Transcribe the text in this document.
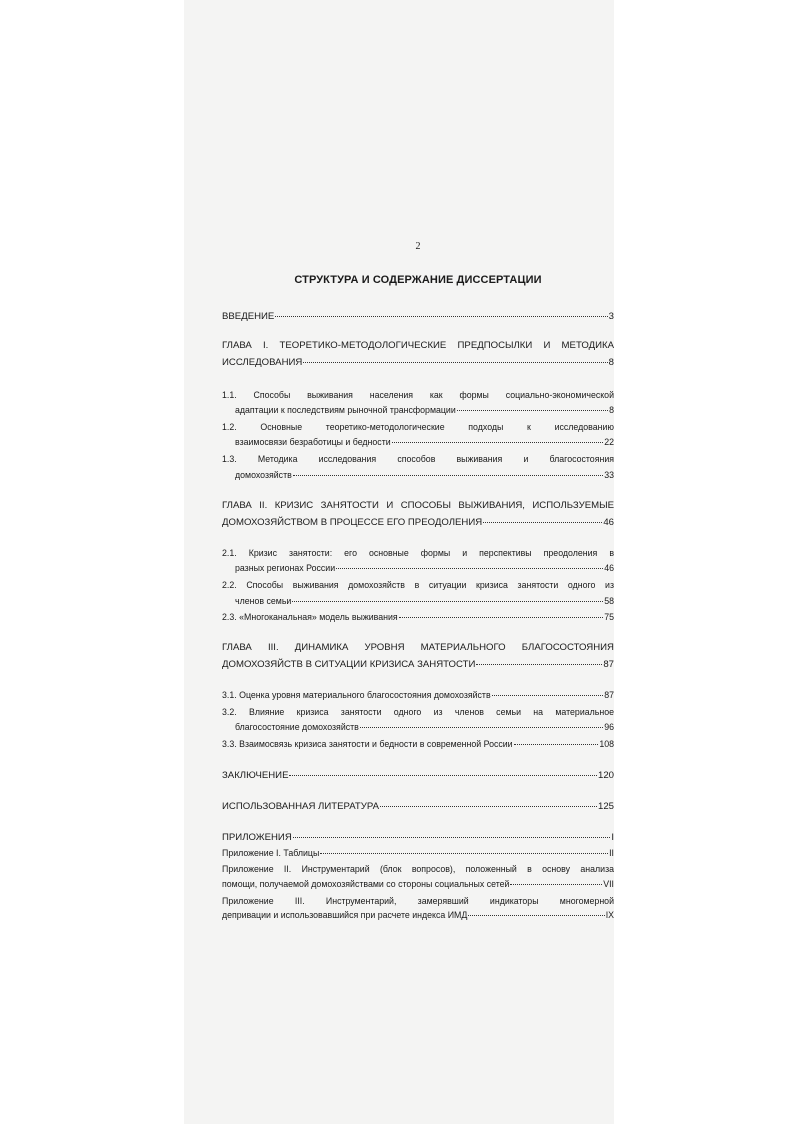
2
СТРУКТУРА И СОДЕРЖАНИЕ ДИССЕРТАЦИИ
ВВЕДЕНИЕ	3
ГЛАВА I. ТЕОРЕТИКО-МЕТОДОЛОГИЧЕСКИЕ ПРЕДПОСЫЛКИ И МЕТОДИКА
ИССЛЕДОВАНИЯ	8
1.1. Способы выживания населения как формы социально-экономической
адаптации к последствиям рыночной трансформации	8
1.2. Основные теоретико-методологические подходы к исследованию
взаимосвязи безработицы и бедности	22
1.3. Методика исследования способов выживания и благосостояния
домохозяйств	33
ГЛАВА II. КРИЗИС ЗАНЯТОСТИ И СПОСОБЫ ВЫЖИВАНИЯ, ИСПОЛЬЗУЕМЫЕ
ДОМОХОЗЯЙСТВОМ В ПРОЦЕССЕ ЕГО ПРЕОДОЛЕНИЯ	46
2.1. Кризис занятости: его основные формы и перспективы преодоления в
разных регионах России	46
2.2. Способы выживания домохозяйств в ситуации кризиса занятости одного из
членов семьи	58
2.3. «Многоканальная» модель выживания	75
ГЛАВА III. ДИНАМИКА УРОВНЯ МАТЕРИАЛЬНОГО БЛАГОСОСТОЯНИЯ
ДОМОХОЗЯЙСТВ В СИТУАЦИИ КРИЗИСА ЗАНЯТОСТИ	87
3.1. Оценка уровня материального благосостояния домохозяйств	87
3.2. Влияние кризиса занятости одного из членов семьи на материальное
благосостояние домохозяйств	96
3.3. Взаимосвязь кризиса занятости и бедности в современной России	108
ЗАКЛЮЧЕНИЕ	120
ИСПОЛЬЗОВАННАЯ ЛИТЕРАТУРА	125
ПРИЛОЖЕНИЯ	I
Приложение I. Таблицы	II
Приложение II. Инструментарий (блок вопросов), положенный в основу анализа
помощи, получаемой домохозяйствами со стороны социальных сетей	VII
Приложение III. Инструментарий, замерявший индикаторы многомерной
депривации и использовавшийся при расчете индекса ИМД	IX
